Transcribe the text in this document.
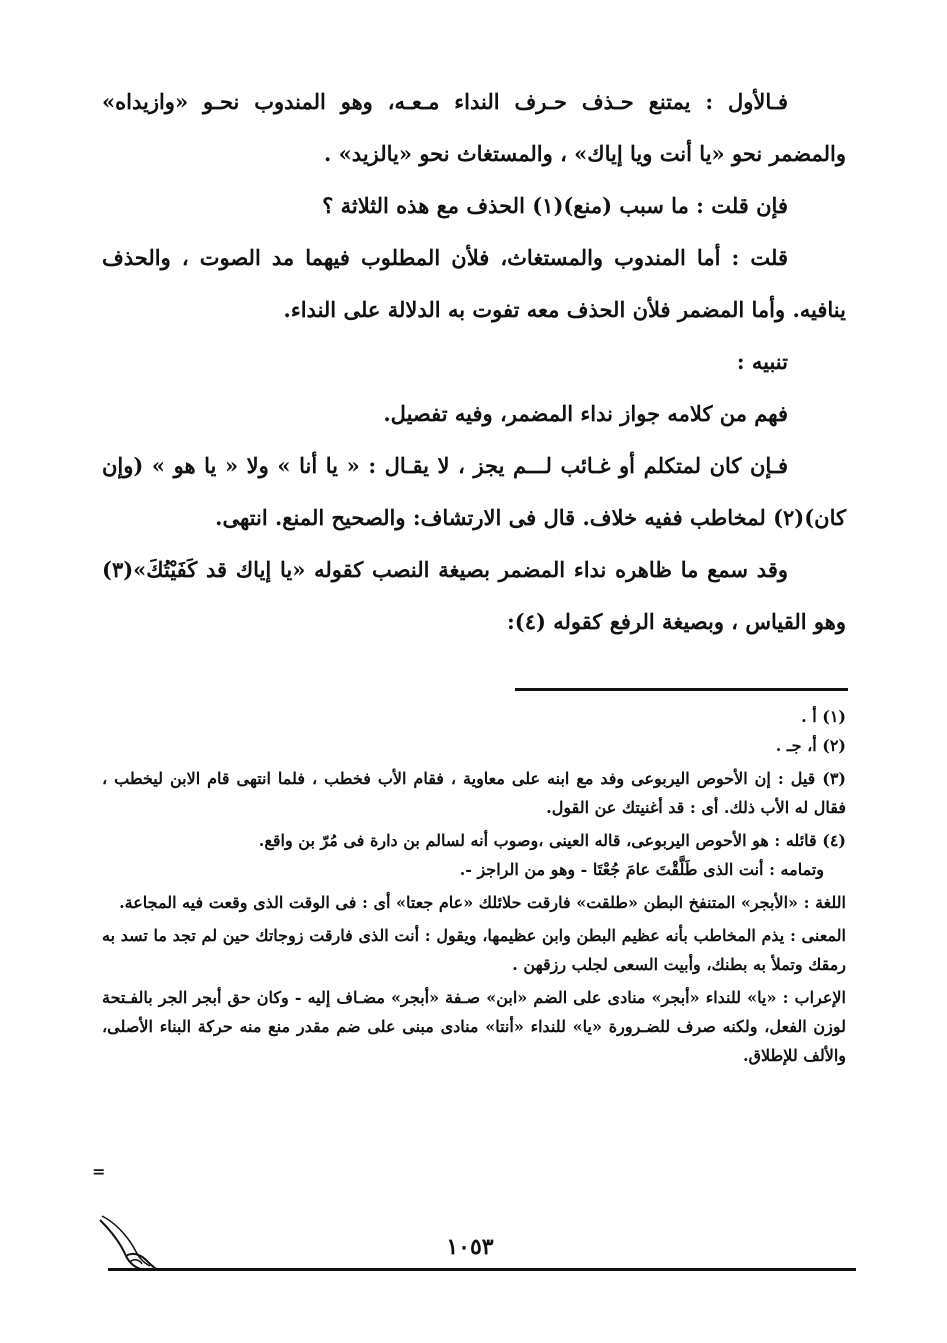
فـالأول : يمتنع حـذف حـرف النداء مـعـه، وهو المندوب نحـو «وازيداه» والمضمر نحو «يا أنت ويا إياك» ، والمستغاث نحو «يالزيد» .

فإن قلت : ما سبب (منع)(١) الحذف مع هذه الثلاثة ؟

قلت : أما المندوب والمستغاث، فلأن المطلوب فيهما مد الصوت ، والحذف ينافيه. وأما المضمر فلأن الحذف معه تفوت به الدلالة على النداء.

تنبيه :

فهم من كلامه جواز نداء المضمر، وفيه تفصيل.

فـإن كان لمتكلم أو غـائب لـــم يجز ، لا يقـال : « يا أنا » ولا « يا هو » (وإن كان)(٢) لمخاطب ففيه خلاف. قال فى الارتشاف: والصحيح المنع. انتهى.

وقد سمع ما ظاهره نداء المضمر بصيغة النصب كقوله «يا إياك قد كَفَيْتُكَ»(٣) وهو القياس ، وبصيغة الرفع كقوله (٤):

(١) أ .

(٢) أ، جـ .

(٣) قيل : إن الأحوص اليربوعى وفد مع ابنه على معاوية ، فقام الأب فخطب ، فلما انتهى قام الابن ليخطب ، فقال له الأب ذلك. أى : قد أغنيتك عن القول.

(٤) قائله : هو الأحوص اليربوعى، قاله العينى ،وصوب أنه لسالم بن دارة فى مُرّ بن واقع.

وتمامه : أنت الذى طَلَّقْتَ عامَ جُعْتَا - وهو من الراجز -.

اللغة : «الأبجر» المتنفخ البطن «طلقت» فارقت حلائلك «عام جعتا» أى : فى الوقت الذى وقعت فيه المجاعة.

المعنى : يذم المخاطب بأنه عظيم البطن وابن عظيمها، ويقول : أنت الذى فارقت زوجاتك حين لم تجد ما تسد به رمقك وتملأ به بطنك، وأبيت السعى لجلب رزقهن .

الإعراب : «يا» للنداء «أبجر» منادى على الضم «ابن» صـفة «أبجر» مضـاف إليه - وكان حق أبجر الجر بالفـتحة لوزن الفعل، ولكنه صرف للضـرورة «يا» للنداء «أنتا» منادى مبنى على ضم مقدر منع منه حركة البناء الأصلى، والألف للإطلاق.

=
١٠٥٣
